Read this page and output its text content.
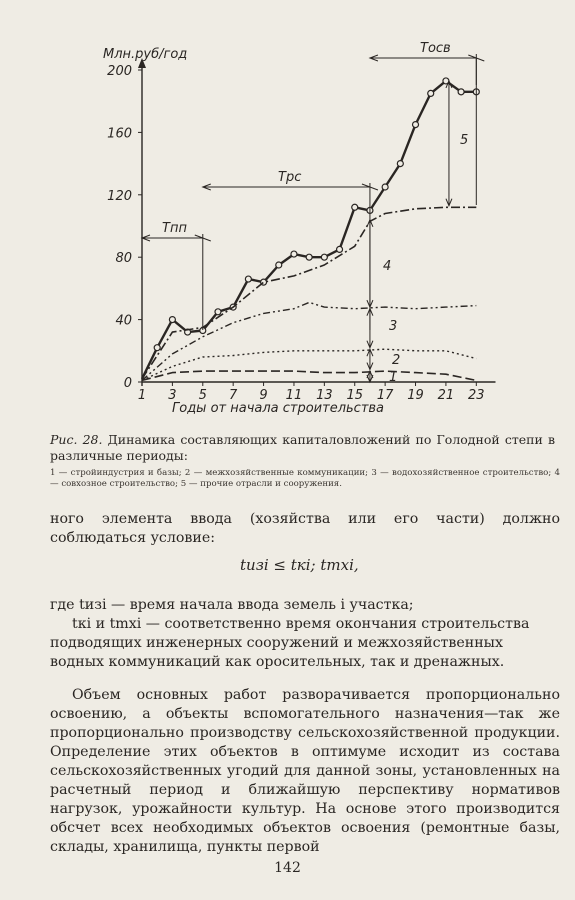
0
40
80
120
160
200
1 3 5 7 9 11 13 15 17 19 21 23
Tпп
Tрс
Tосв
1
2
3
4
5
Млн.руб/год
Годы от начала строительства
Рис. 28. Динамика составляющих капиталовложений по Голодной степи в различные периоды:
1 — стройиндустрия и базы; 2 — межхозяйственные коммуникации; 3 — водохозяйственное строительство; 4 — совхозное строительство; 5 — прочие отрасли и сооружения.
ного элемента ввода (хозяйства или его части) должно соблюдаться условие:
tизi ≤ tкi; tmxi,
где tизi — время начала ввода земель i участка;
tкi и tmxi — соответственно время окончания строительства подводящих инженерных сооружений и межхозяйственных водных коммуникаций как оросительных, так и дренажных.
Объем основных работ разворачивается пропорционально освоению, а объекты вспомогательного назначения—так же пропорционально производству сельскохозяйственной продукции. Определение этих объектов в оптимуме исходит из состава сельскохозяйственных угодий для данной зоны, установленных на расчетный период и ближайшую перспективу нормативов нагрузок, урожайности культур. На основе этого производится обсчет всех необходимых объектов освоения (ремонтные базы, склады, хранилища, пункты первой
142
